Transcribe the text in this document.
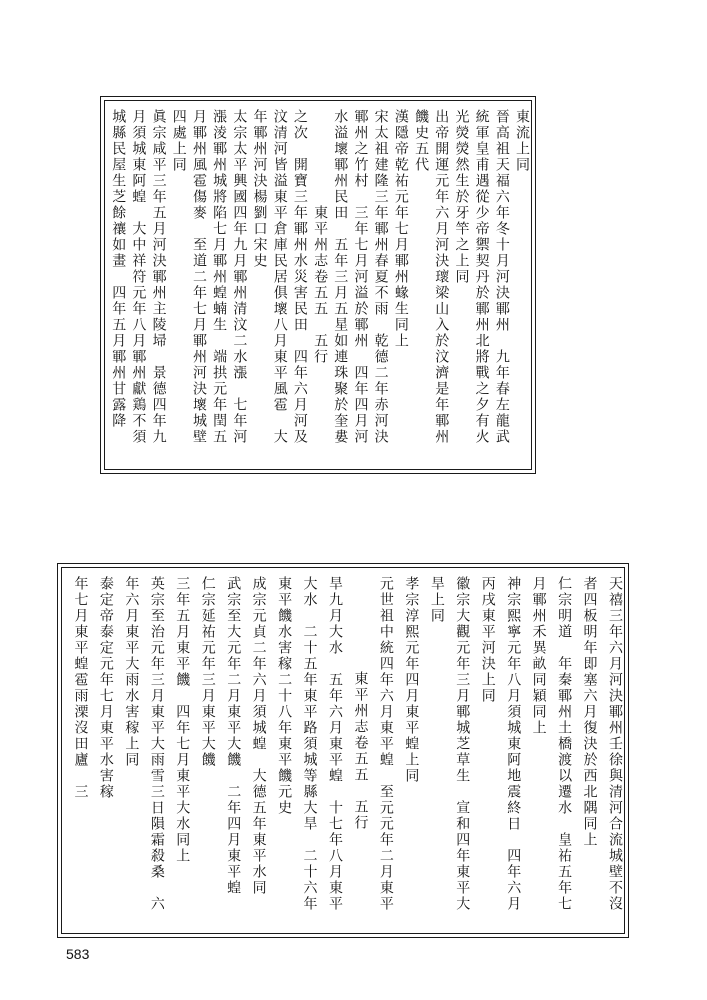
東流上同
晉高祖天福六年冬十月河決鄆州　九年春左龍武
統軍皇甫遇從少帝禦契丹於鄆州北將戰之夕有火
光熒熒然生於牙竿之上同
出帝開運元年六月河決瓌梁山入於汶濟是年鄆州
饑史五代
漢隱帝乾祐元年七月鄆州蝝生同上
宋太祖建隆三年鄆州春夏不雨　乾德二年赤河決
鄆州之竹村　三年七月河溢於鄆州　四年四月河
水溢壞鄆州民田　五年三月五星如連珠聚於奎婁
東平州志卷五五　五行
之次　開寶三年鄆州水災害民田　四年六月河及
汶清河皆溢東平倉庫民居俱壞八月東平風雹　大
年鄆州河決楊劉口宋史
太宗太平興國四年九月鄆州清汶二水漲　七年河
漲淩鄆州城將陷七月鄆州蝗蝻生　端拱元年閏五
月鄆州風雹傷麥　至道二年七月鄆州河決壞城壁
四處上同
眞宗咸平三年五月河決鄆州主陵埽　景德四年九
月須城東阿蝗　大中祥符元年八月鄆州獻鶏不須
城縣民屋生芝餘禳如畫　四年五月鄆州甘露降
天禧三年六月河決鄆州壬徐與清河合流城壁不沒
者四板明年即塞六月復決於西北隅同上
仁宗明道　年秦鄆州土橋渡以遷水　皇祐五年七
月鄆州禾異畝同穎同上
神宗熙寧元年八月須城東阿地震終日　四年六月
丙戌東平河決上同
徽宗大觀元年三月鄆城芝草生　宣和四年東平大
旱上同
孝宗淳熙元年四月東平蝗上同
元世祖中統四年六月東平蝗　至元元年二月東平
東平州志卷五五　五行
旱九月大水　五年六月東平蝗　十七年八月東平
大水　二十五年東平路須城等縣大旱　二十六年
東平饑水害稼二十八年東平饑元史
成宗元貞二年六月須城蝗　大德五年東平水同
武宗至大元年二月東平大饑　二年四月東平蝗
仁宗延祐元年三月東平大饑
三年五月東平饑　四年七月東平大水同上
英宗至治元年三月東平大雨雪三日隕霜殺桑　六
年六月東平大雨水害稼上同
泰定帝泰定元年七月東平水害稼
年七月東平蝗雹雨溧沒田廬　三
583
